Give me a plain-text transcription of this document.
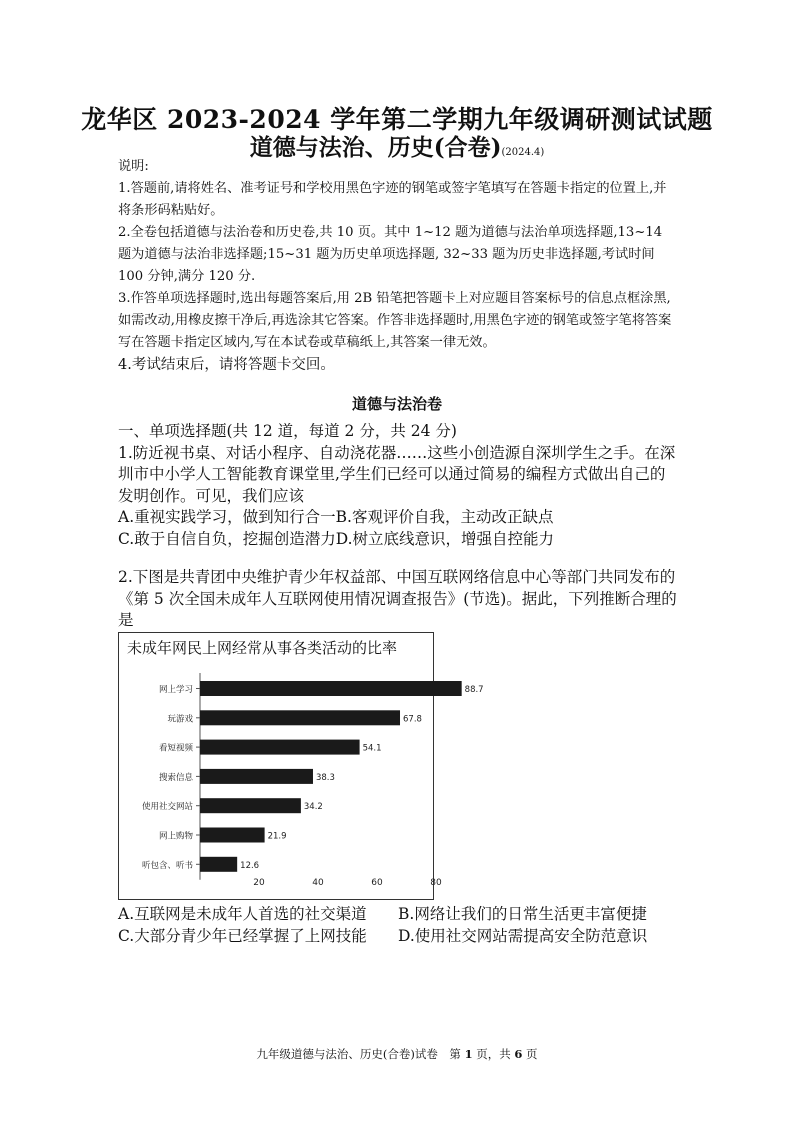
龙华区 2023-2024 学年第二学期九年级调研测试试题
道德与法治、历史(合卷)(2024.4)

说明:

1.答题前,请将姓名、准考证号和学校用黑色字迹的钢笔或签字笔填写在答题卡指定的位置上,并将条形码粘贴好。

2.全卷包括道德与法治卷和历史卷,共 10 页。其中 1~12 题为道德与法治单项选择题,13~14 题为道德与法治非选择题;15~31 题为历史单项选择题, 32~33 题为历史非选择题,考试时间 100 分钟,满分 120 分.

3.作答单项选择题时,选出每题答案后,用 2B 铅笔把答题卡上对应题目答案标号的信息点框涂黑,如需改动,用橡皮擦干净后,再选涂其它答案。作答非选择题时,用黑色字迹的钢笔或签字笔将答案写在答题卡指定区域内,写在本试卷或草稿纸上,其答案一律无效。

4.考试结束后，请将答题卡交回。

道德与法治卷

一、单项选择题(共 12 道，每道 2 分，共 24 分)

1.防近视书桌、对话小程序、自动浇花器……这些小创造源自深圳学生之手。在深圳市中小学人工智能教育课堂里,学生们已经可以通过简易的编程方式做出自己的发明创作。可见，我们应该

A.重视实践学习，做到知行合一B.客观评价自我，主动改正缺点

C.敢于自信自负，挖掘创造潜力D.树立底线意识，增强自控能力

2.下图是共青团中央维护青少年权益部、中国互联网络信息中心等部门共同发布的《第 5 次全国未成年人互联网使用情况调查报告》(节选)。据此，下列推断合理的是
未成年网民上网经常从事各类活动的比率
网上学习	88.7
玩游戏	67.8
看短视频	54.1
搜索信息	38.3
使用社交网站	34.2
网上购物	21.9
听包含、听书	12.6
20	40	60	80
A.互联网是未成年人首选的社交渠道	B.网络让我们的日常生活更丰富便捷
C.大部分青少年已经掌握了上网技能	D.使用社交网站需提高安全防范意识
九年级道德与法治、历史(合卷)试卷　第 1 页，共 6 页
